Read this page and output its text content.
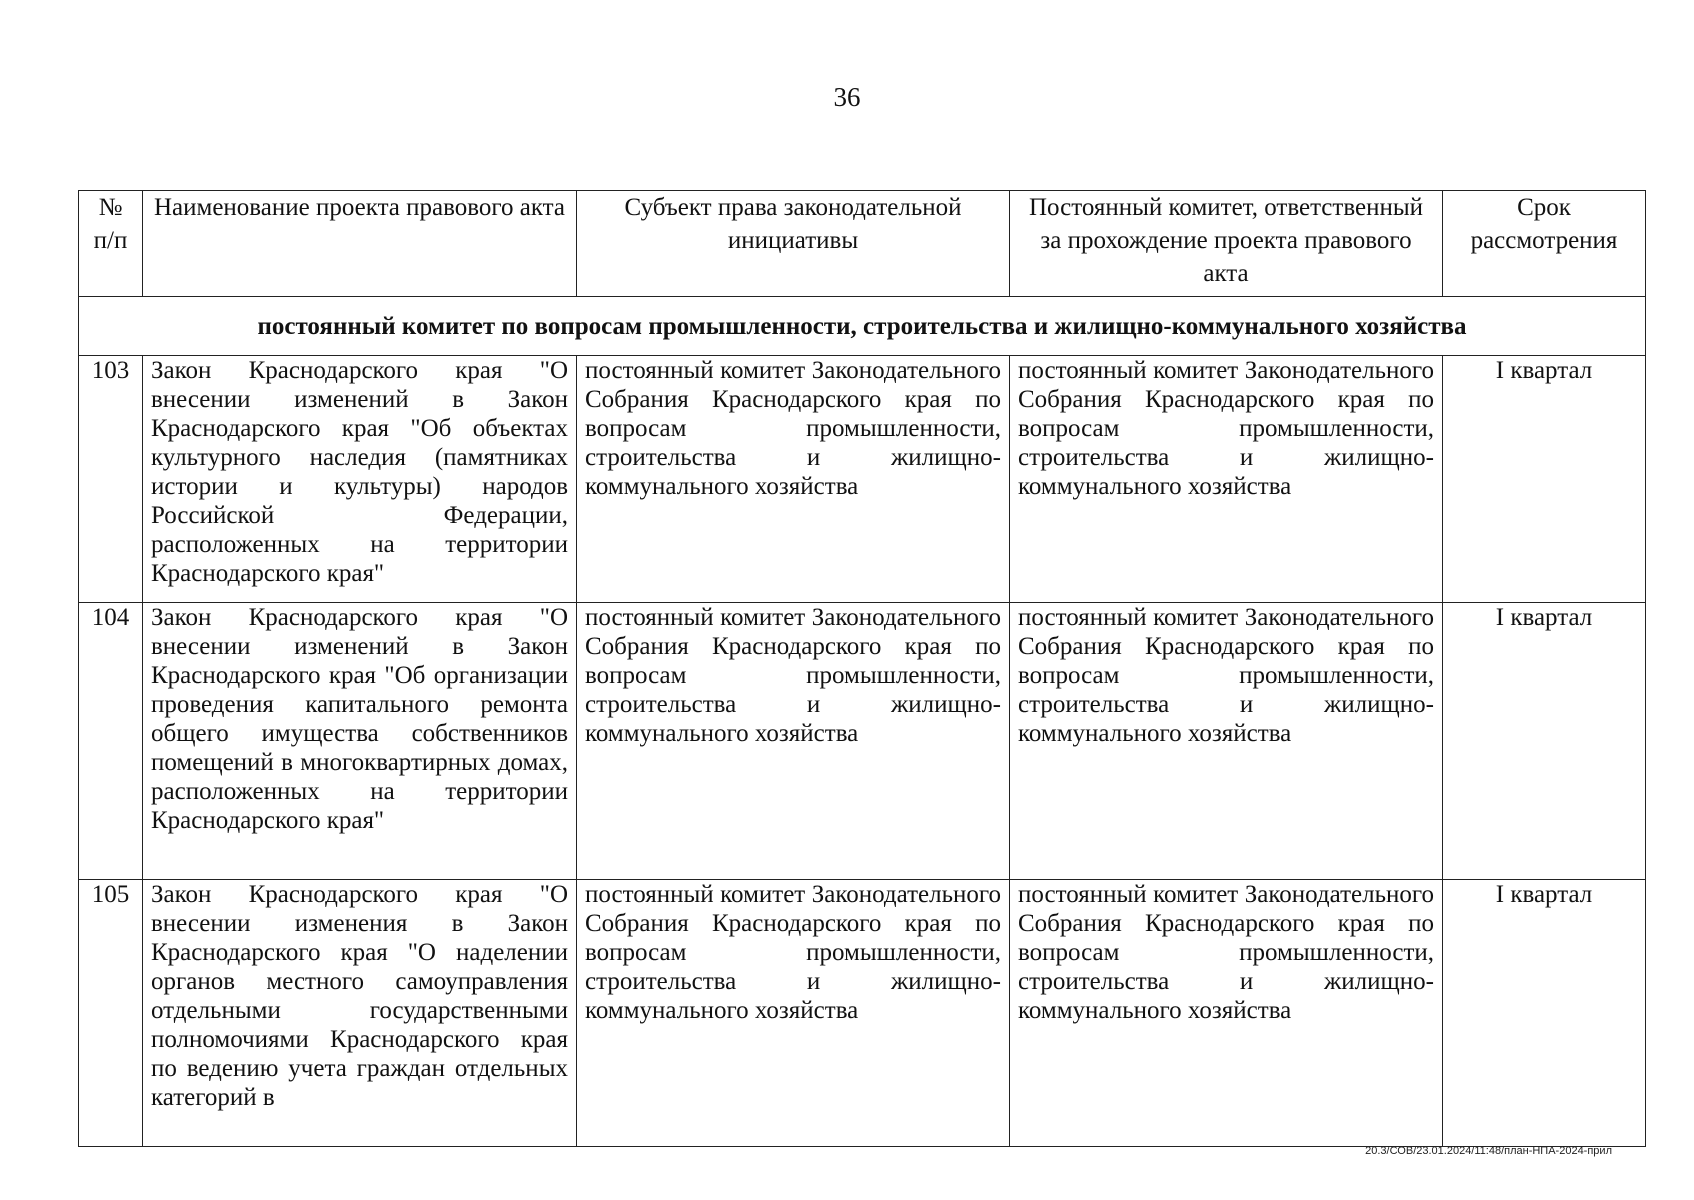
36
№ п/п	Наименование проекта правового акта	Субъект права законодательной инициативы	Постоянный комитет, ответственный за прохождение проекта правового акта	Срок рассмотрения
постоянный комитет по вопросам промышленности, строительства и жилищно-коммунального хозяйства				
103	Закон Краснодарского края "О внесении изменений в Закон Краснодарского края "Об объектах культурного наследия (памятниках истории и культуры) народов Российской Федерации, расположенных на территории Краснодарского края"	постоянный комитет Законодательного Собрания Краснодарского края по вопросам промышленности, строительства и жилищно-коммунального хозяйства	постоянный комитет Законодательного Собрания Краснодарского края по вопросам промышленности, строительства и жилищно-коммунального хозяйства	I квартал
104	Закон Краснодарского края "О внесении изменений в Закон Краснодарского края "Об организации проведения капитального ремонта общего имущества собственников помещений в многоквартирных домах, расположенных на территории Краснодарского края"	постоянный комитет Законодательного Собрания Краснодарского края по вопросам промышленности, строительства и жилищно-коммунального хозяйства	постоянный комитет Законодательного Собрания Краснодарского края по вопросам промышленности, строительства и жилищно-коммунального хозяйства	I квартал
105	Закон Краснодарского края "О внесении изменения в Закон Краснодарского края "О наделении органов местного самоуправления отдельными государственными полномочиями Краснодарского края по ведению учета граждан отдельных категорий в	постоянный комитет Законодательного Собрания Краснодарского края по вопросам промышленности, строительства и жилищно-коммунального хозяйства	постоянный комитет Законодательного Собрания Краснодарского края по вопросам промышленности, строительства и жилищно-коммунального хозяйства	I квартал
20.3/СОВ/23.01.2024/11:48/план-НПА-2024-прил
